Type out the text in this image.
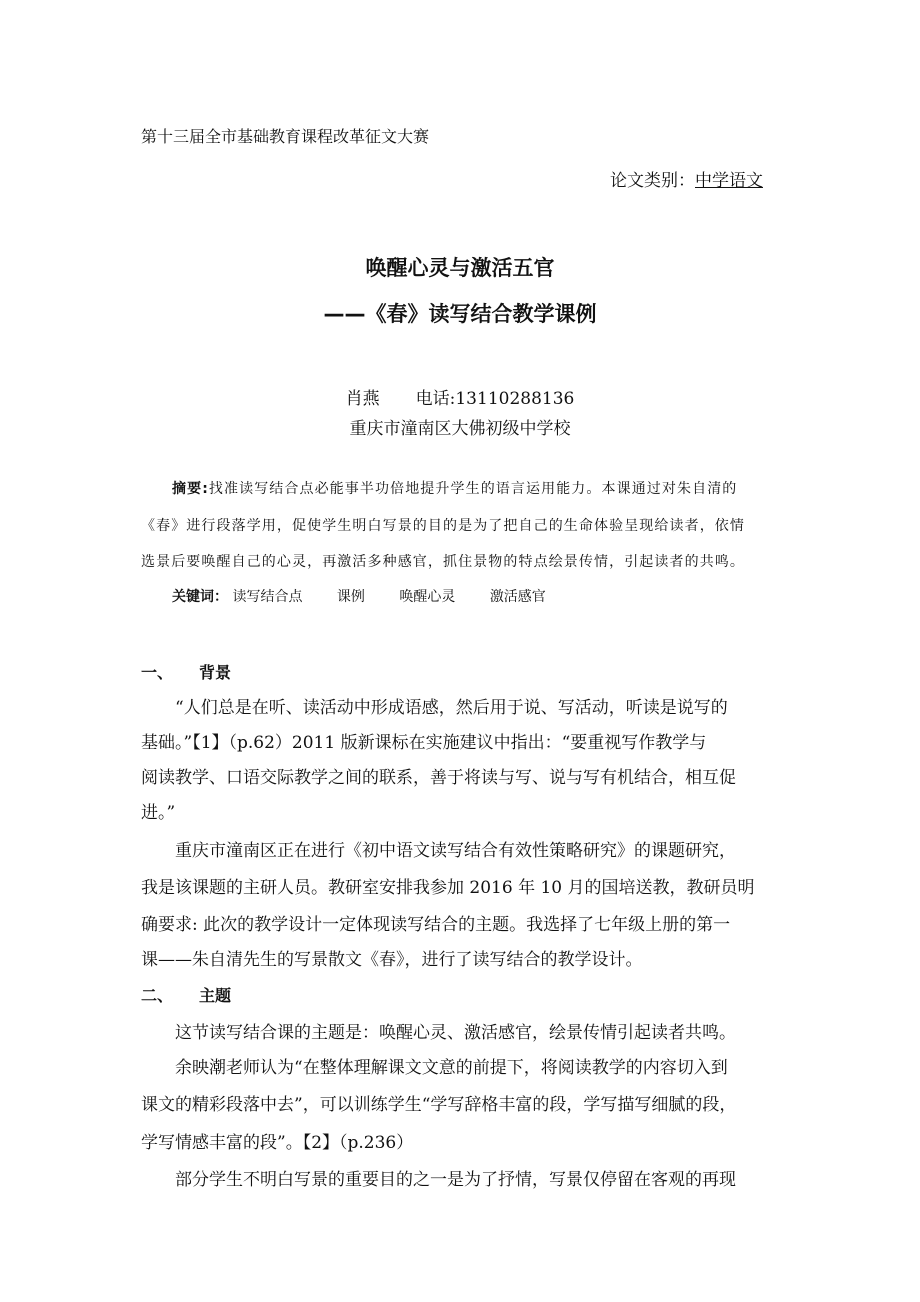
第十三届全市基础教育课程改革征文大赛
论文类别：中学语文
唤醒心灵与激活五官
——《春》读写结合教学课例
肖燕 电话:13110288136
重庆市潼南区大佛初级中学校
摘要:找准读写结合点必能事半功倍地提升学生的语言运用能力。本课通过对朱自清的
《春》进行段落学用，促使学生明白写景的目的是为了把自己的生命体验呈现给读者，依情
选景后要唤醒自己的心灵，再激活多种感官，抓住景物的特点绘景传情，引起读者的共鸣。
关键词： 读写结合点 课例 唤醒心灵 激活感官
一、 背景
“人们总是在听、读活动中形成语感，然后用于说、写活动，听读是说写的
基础。”【1】（p.62）2011 版新课标在实施建议中指出：“要重视写作教学与
阅读教学、口语交际教学之间的联系，善于将读与写、说与写有机结合，相互促
进。”
重庆市潼南区正在进行《初中语文读写结合有效性策略研究》的课题研究，
我是该课题的主研人员。教研室安排我参加 2016 年 10 月的国培送教，教研员明
确要求: 此次的教学设计一定体现读写结合的主题。我选择了七年级上册的第一
课——朱自清先生的写景散文《春》，进行了读写结合的教学设计。
二、 主题
这节读写结合课的主题是：唤醒心灵、激活感官，绘景传情引起读者共鸣。
余映潮老师认为“在整体理解课文文意的前提下，将阅读教学的内容切入到
课文的精彩段落中去”，可以训练学生“学写辞格丰富的段，学写描写细腻的段，
学写情感丰富的段”。【2】（p.236）
部分学生不明白写景的重要目的之一是为了抒情，写景仅停留在客观的再现
